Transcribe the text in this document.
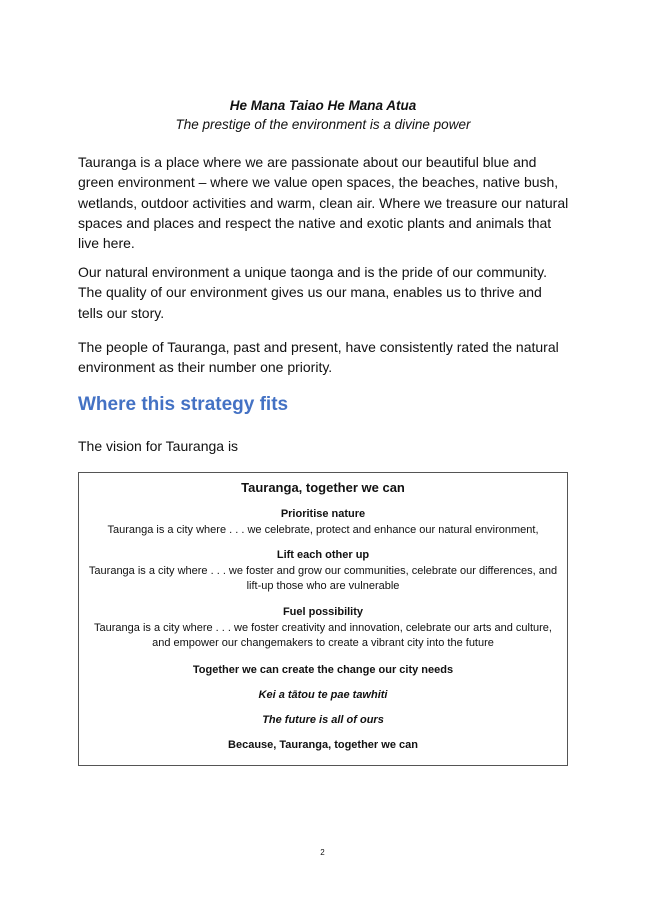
He Mana Taiao He Mana Atua
The prestige of the environment is a divine power

Tauranga is a place where we are passionate about our beautiful blue and green environment – where we value open spaces, the beaches, native bush, wetlands, outdoor activities and warm, clean air. Where we treasure our natural spaces and places and respect the native and exotic plants and animals that live here.

Our natural environment a unique taonga and is the pride of our community. The quality of our environment gives us our mana, enables us to thrive and tells our story.

The people of Tauranga, past and present, have consistently rated the natural environment as their number one priority.

Where this strategy fits

The vision for Tauranga is

Tauranga, together we can
Prioritise nature
Tauranga is a city where . . . we celebrate, protect and enhance our natural environment,
Lift each other up
Tauranga is a city where . . . we foster and grow our communities, celebrate our differences, and lift-up those who are vulnerable
Fuel possibility
Tauranga is a city where . . . we foster creativity and innovation, celebrate our arts and culture, and empower our changemakers to create a vibrant city into the future
Together we can create the change our city needs
Kei a tātou te pae tawhiti
The future is all of ours
Because, Tauranga, together we can
2
